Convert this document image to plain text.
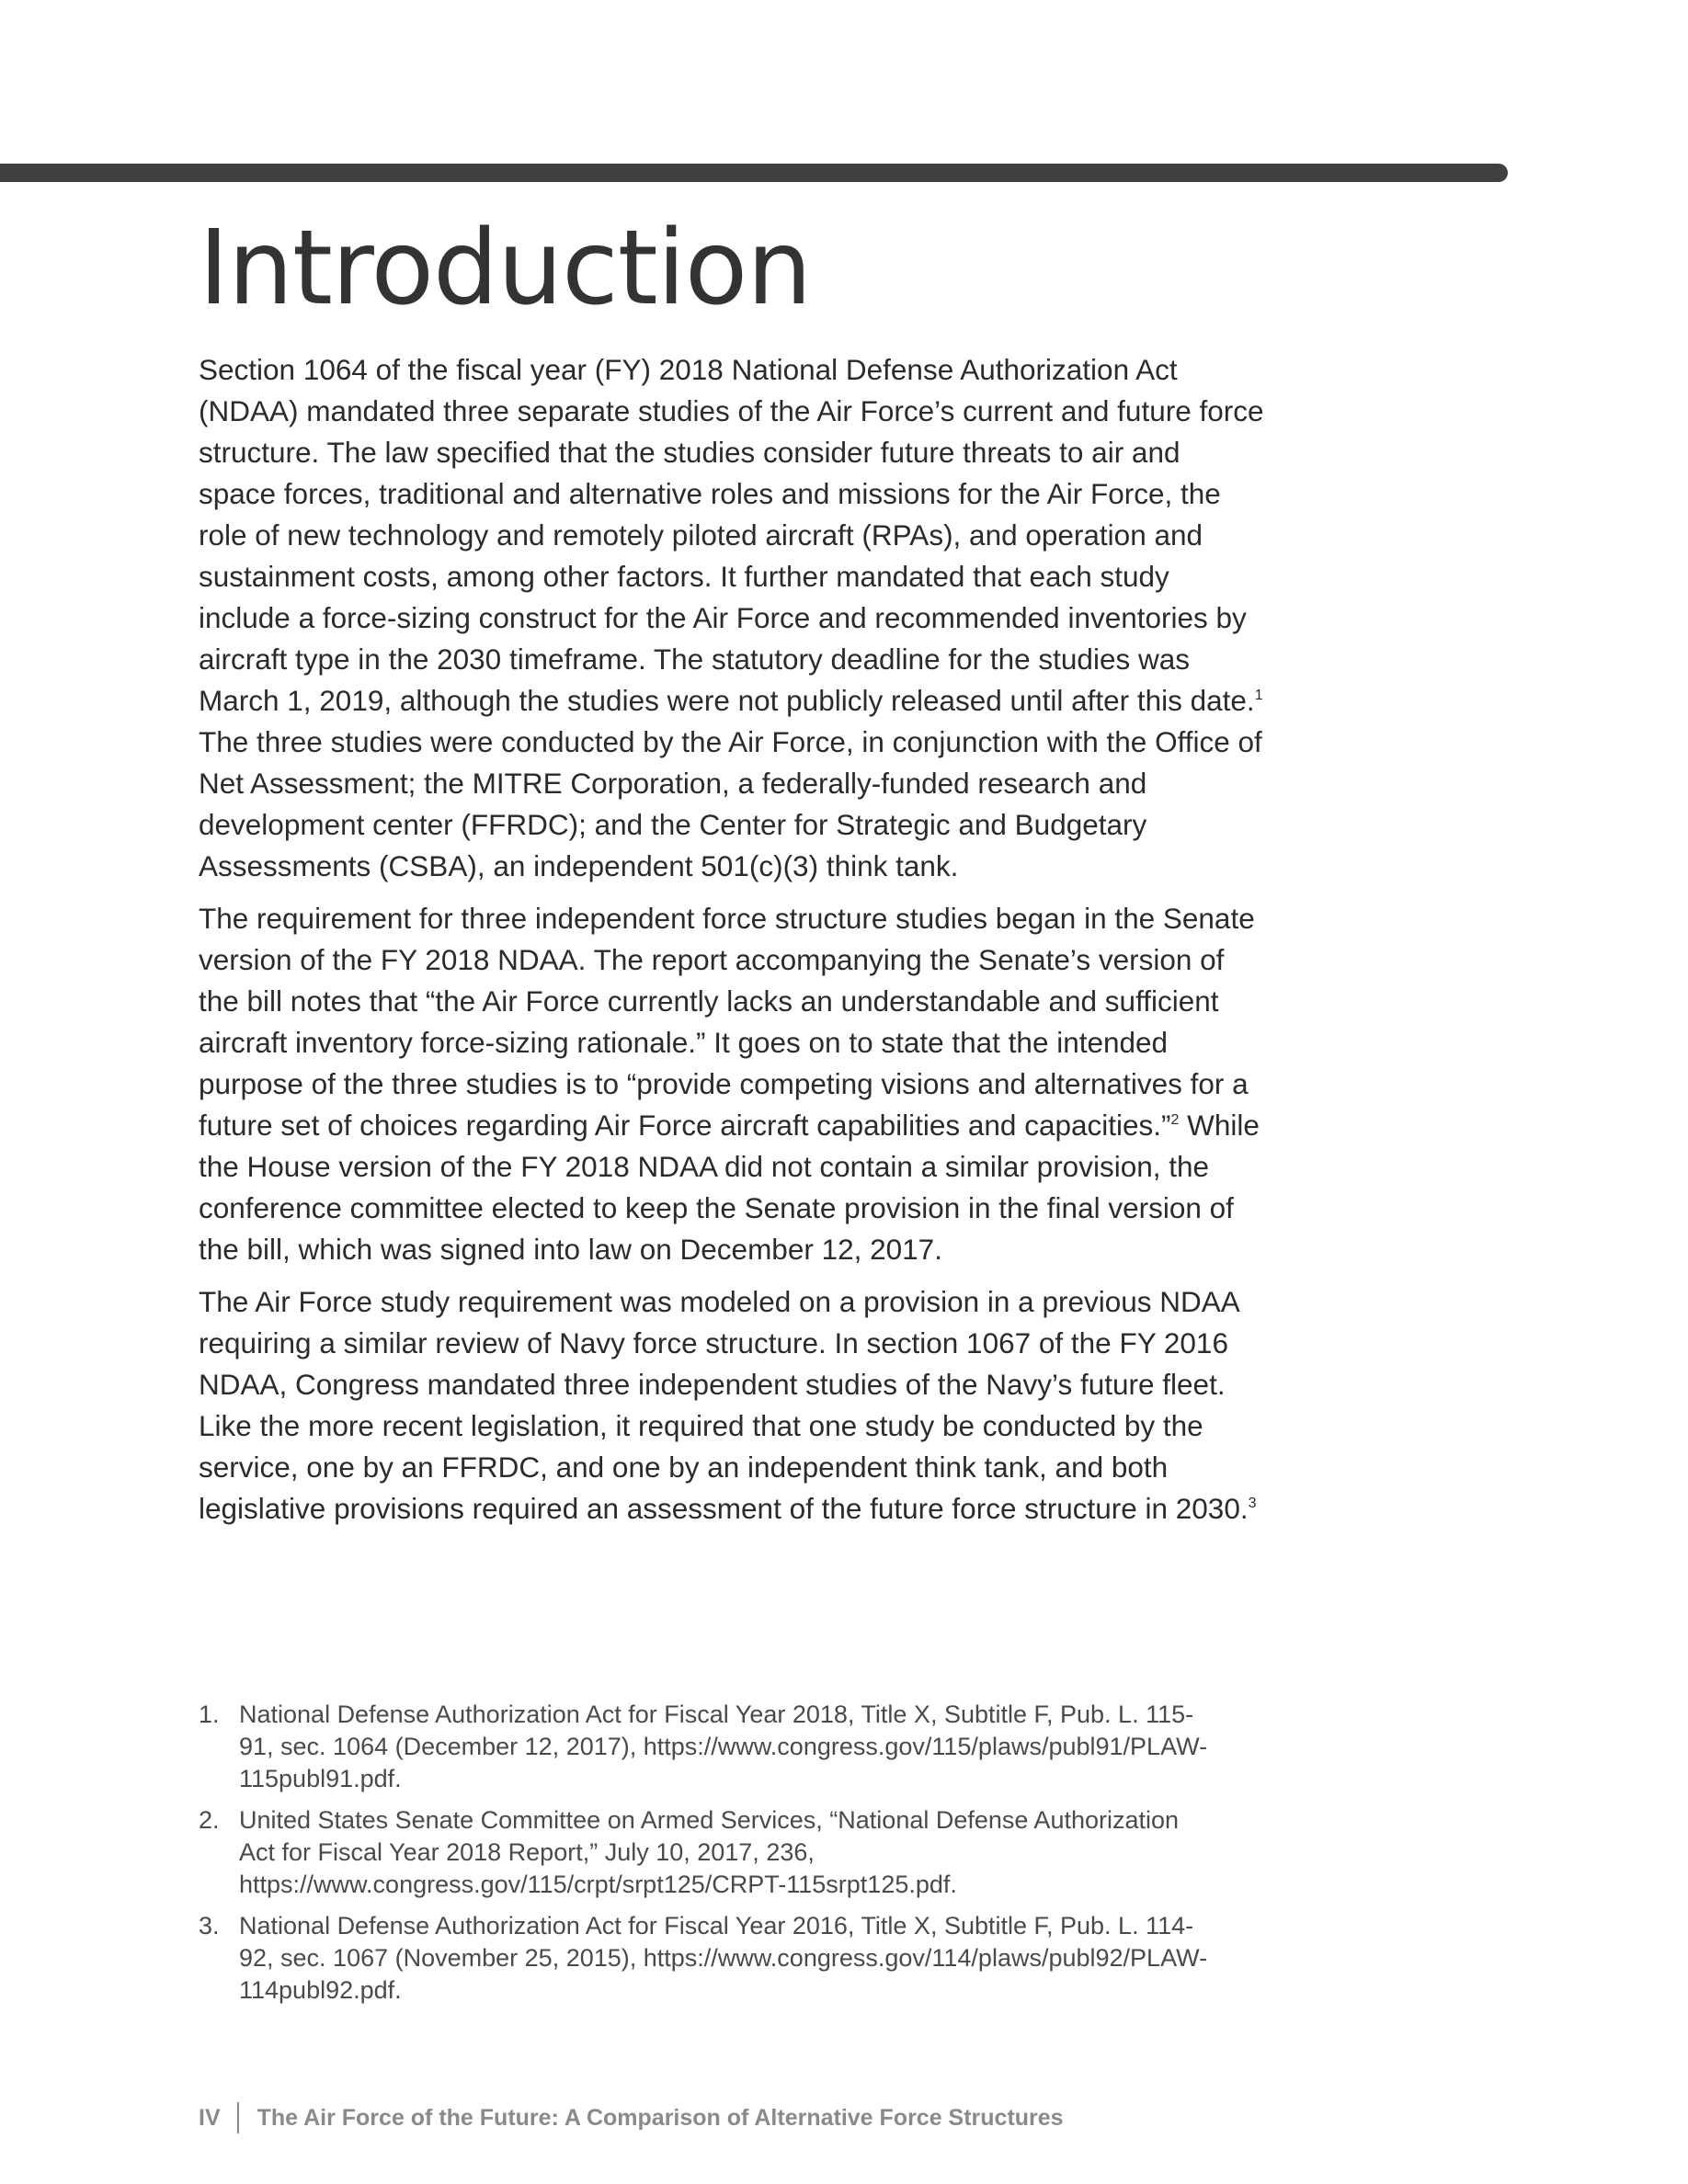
Introduction

Section 1064 of the fiscal year (FY) 2018 National Defense Authorization Act (NDAA) mandated three separate studies of the Air Force’s current and future force structure. The law specified that the studies consider future threats to air and space forces, traditional and alternative roles and missions for the Air Force, the role of new technology and remotely piloted aircraft (RPAs), and operation and sustainment costs, among other factors. It further mandated that each study include a force-sizing construct for the Air Force and recommended inventories by aircraft type in the 2030 timeframe. The statutory deadline for the studies was March 1, 2019, although the studies were not publicly released until after this date.$^1$ The three studies were conducted by the Air Force, in conjunction with the Office of Net Assessment; the MITRE Corporation, a federally-funded research and development center (FFRDC); and the Center for Strategic and Budgetary Assessments (CSBA), an independent 501(c)(3) think tank.

The requirement for three independent force structure studies began in the Senate version of the FY 2018 NDAA. The report accompanying the Senate’s version of the bill notes that “the Air Force currently lacks an understandable and sufficient aircraft inventory force-sizing rationale.” It goes on to state that the intended purpose of the three studies is to “provide competing visions and alternatives for a future set of choices regarding Air Force aircraft capabilities and capacities.”$^2$ While the House version of the FY 2018 NDAA did not contain a similar provision, the conference committee elected to keep the Senate provision in the final version of the bill, which was signed into law on December 12, 2017.

The Air Force study requirement was modeled on a provision in a previous NDAA requiring a similar review of Navy force structure. In section 1067 of the FY 2016 NDAA, Congress mandated three independent studies of the Navy’s future fleet. Like the more recent legislation, it required that one study be conducted by the service, one by an FFRDC, and one by an independent think tank, and both legislative provisions required an assessment of the future force structure in 2030.$^3$

1. National Defense Authorization Act for Fiscal Year 2018, Title X, Subtitle F, Pub. L. 115-91, sec. 1064 (December 12, 2017), https://www.congress.gov/115/plaws/publ91/PLAW-115publ91.pdf.
2. United States Senate Committee on Armed Services, “National Defense Authorization Act for Fiscal Year 2018 Report,” July 10, 2017, 236, https://www.congress.gov/115/crpt/srpt125/CRPT-115srpt125.pdf.
3. National Defense Authorization Act for Fiscal Year 2016, Title X, Subtitle F, Pub. L. 114-92, sec. 1067 (November 25, 2015), https://www.congress.gov/114/plaws/publ92/PLAW-114publ92.pdf.
IV The Air Force of the Future: A Comparison of Alternative Force Structures
